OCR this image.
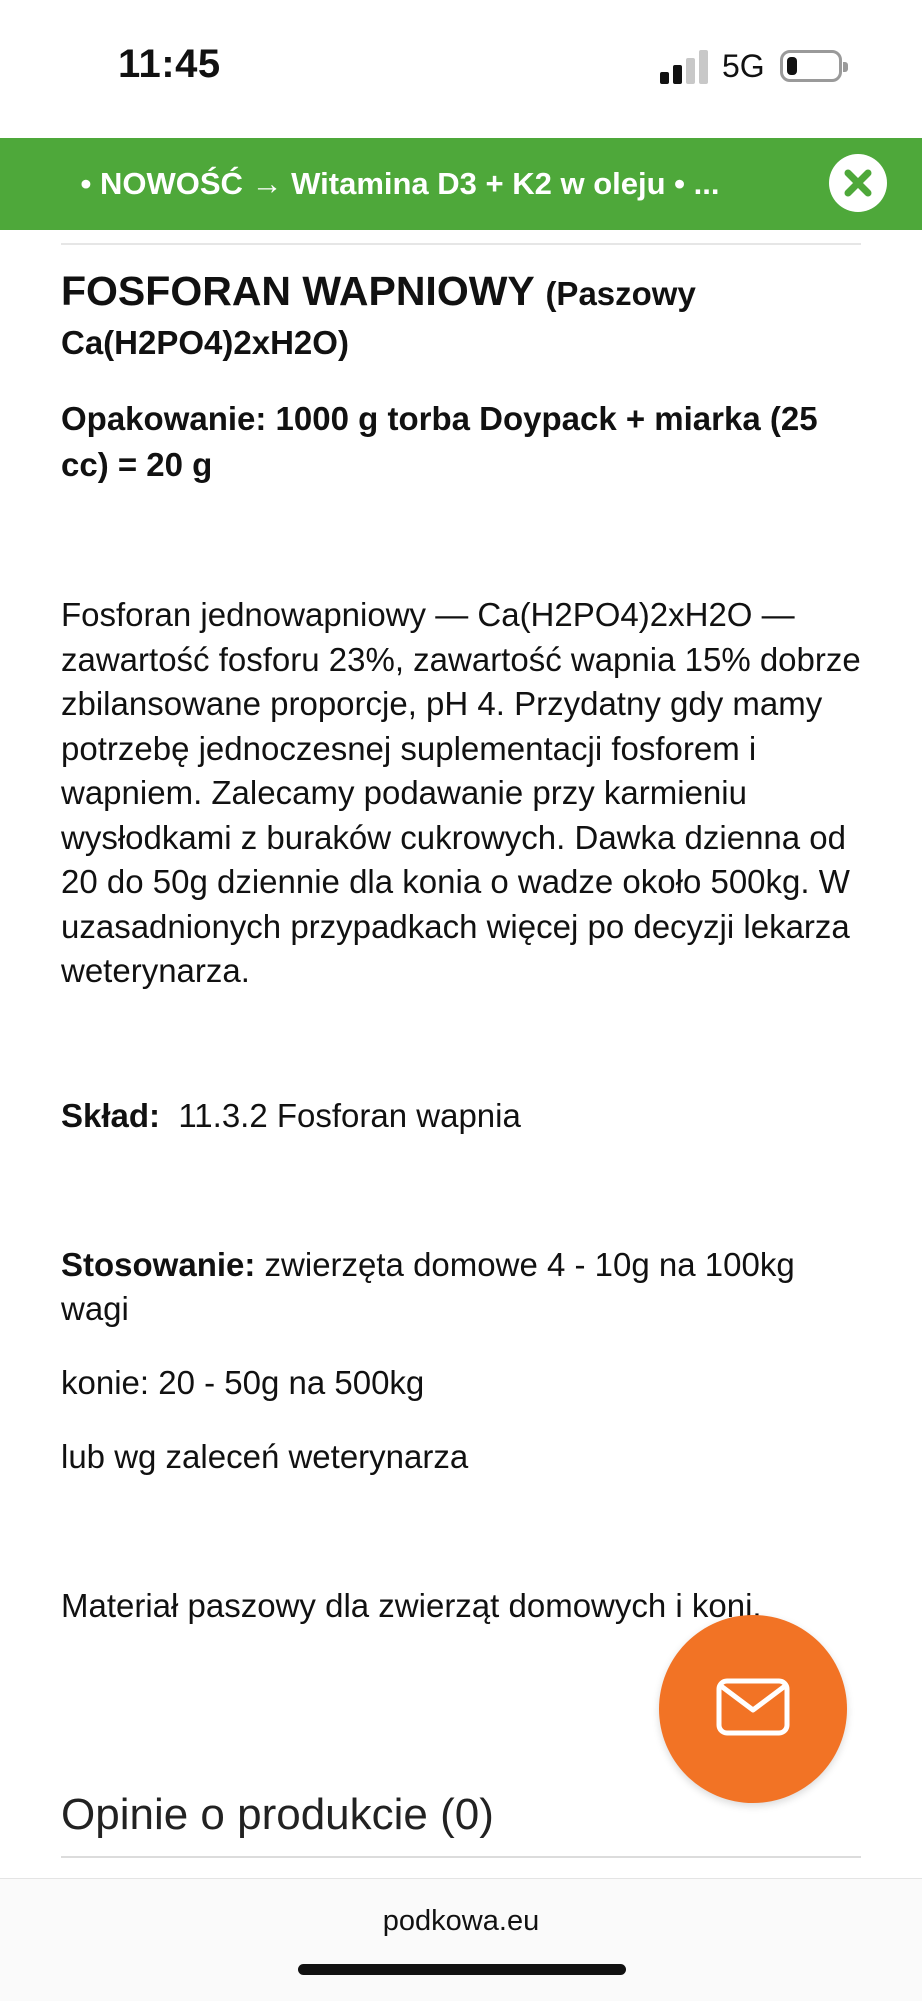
11:45	5G
• NOWOŚĆ → Witamina D3 + K2 w oleju • ...
FOSFORAN WAPNIOWY (Paszowy Ca(H2PO4)2xH2O)
Opakowanie: 1000 g torba Doypack + miarka (25 cc) = 20 g
Fosforan jednowapniowy — Ca(H2PO4)2xH2O — zawartość fosforu 23%, zawartość wapnia 15% dobrze zbilansowane proporcje, pH 4. Przydatny gdy mamy potrzebę jednoczesnej suplementacji fosforem i wapniem. Zalecamy podawanie przy karmieniu wysłodkami z buraków cukrowych. Dawka dzienna od 20 do 50g dziennie dla konia o wadze około 500kg. W uzasadnionych przypadkach więcej po decyzji lekarza weterynarza.
Skład: 11.3.2 Fosforan wapnia
Stosowanie: zwierzęta domowe 4 - 10g na 100kg wagi
konie: 20 - 50g na 500kg
lub wg zaleceń weterynarza
Materiał paszowy dla zwierząt domowych i koni.
Opinie o produkcie (0)
podkowa.eu
